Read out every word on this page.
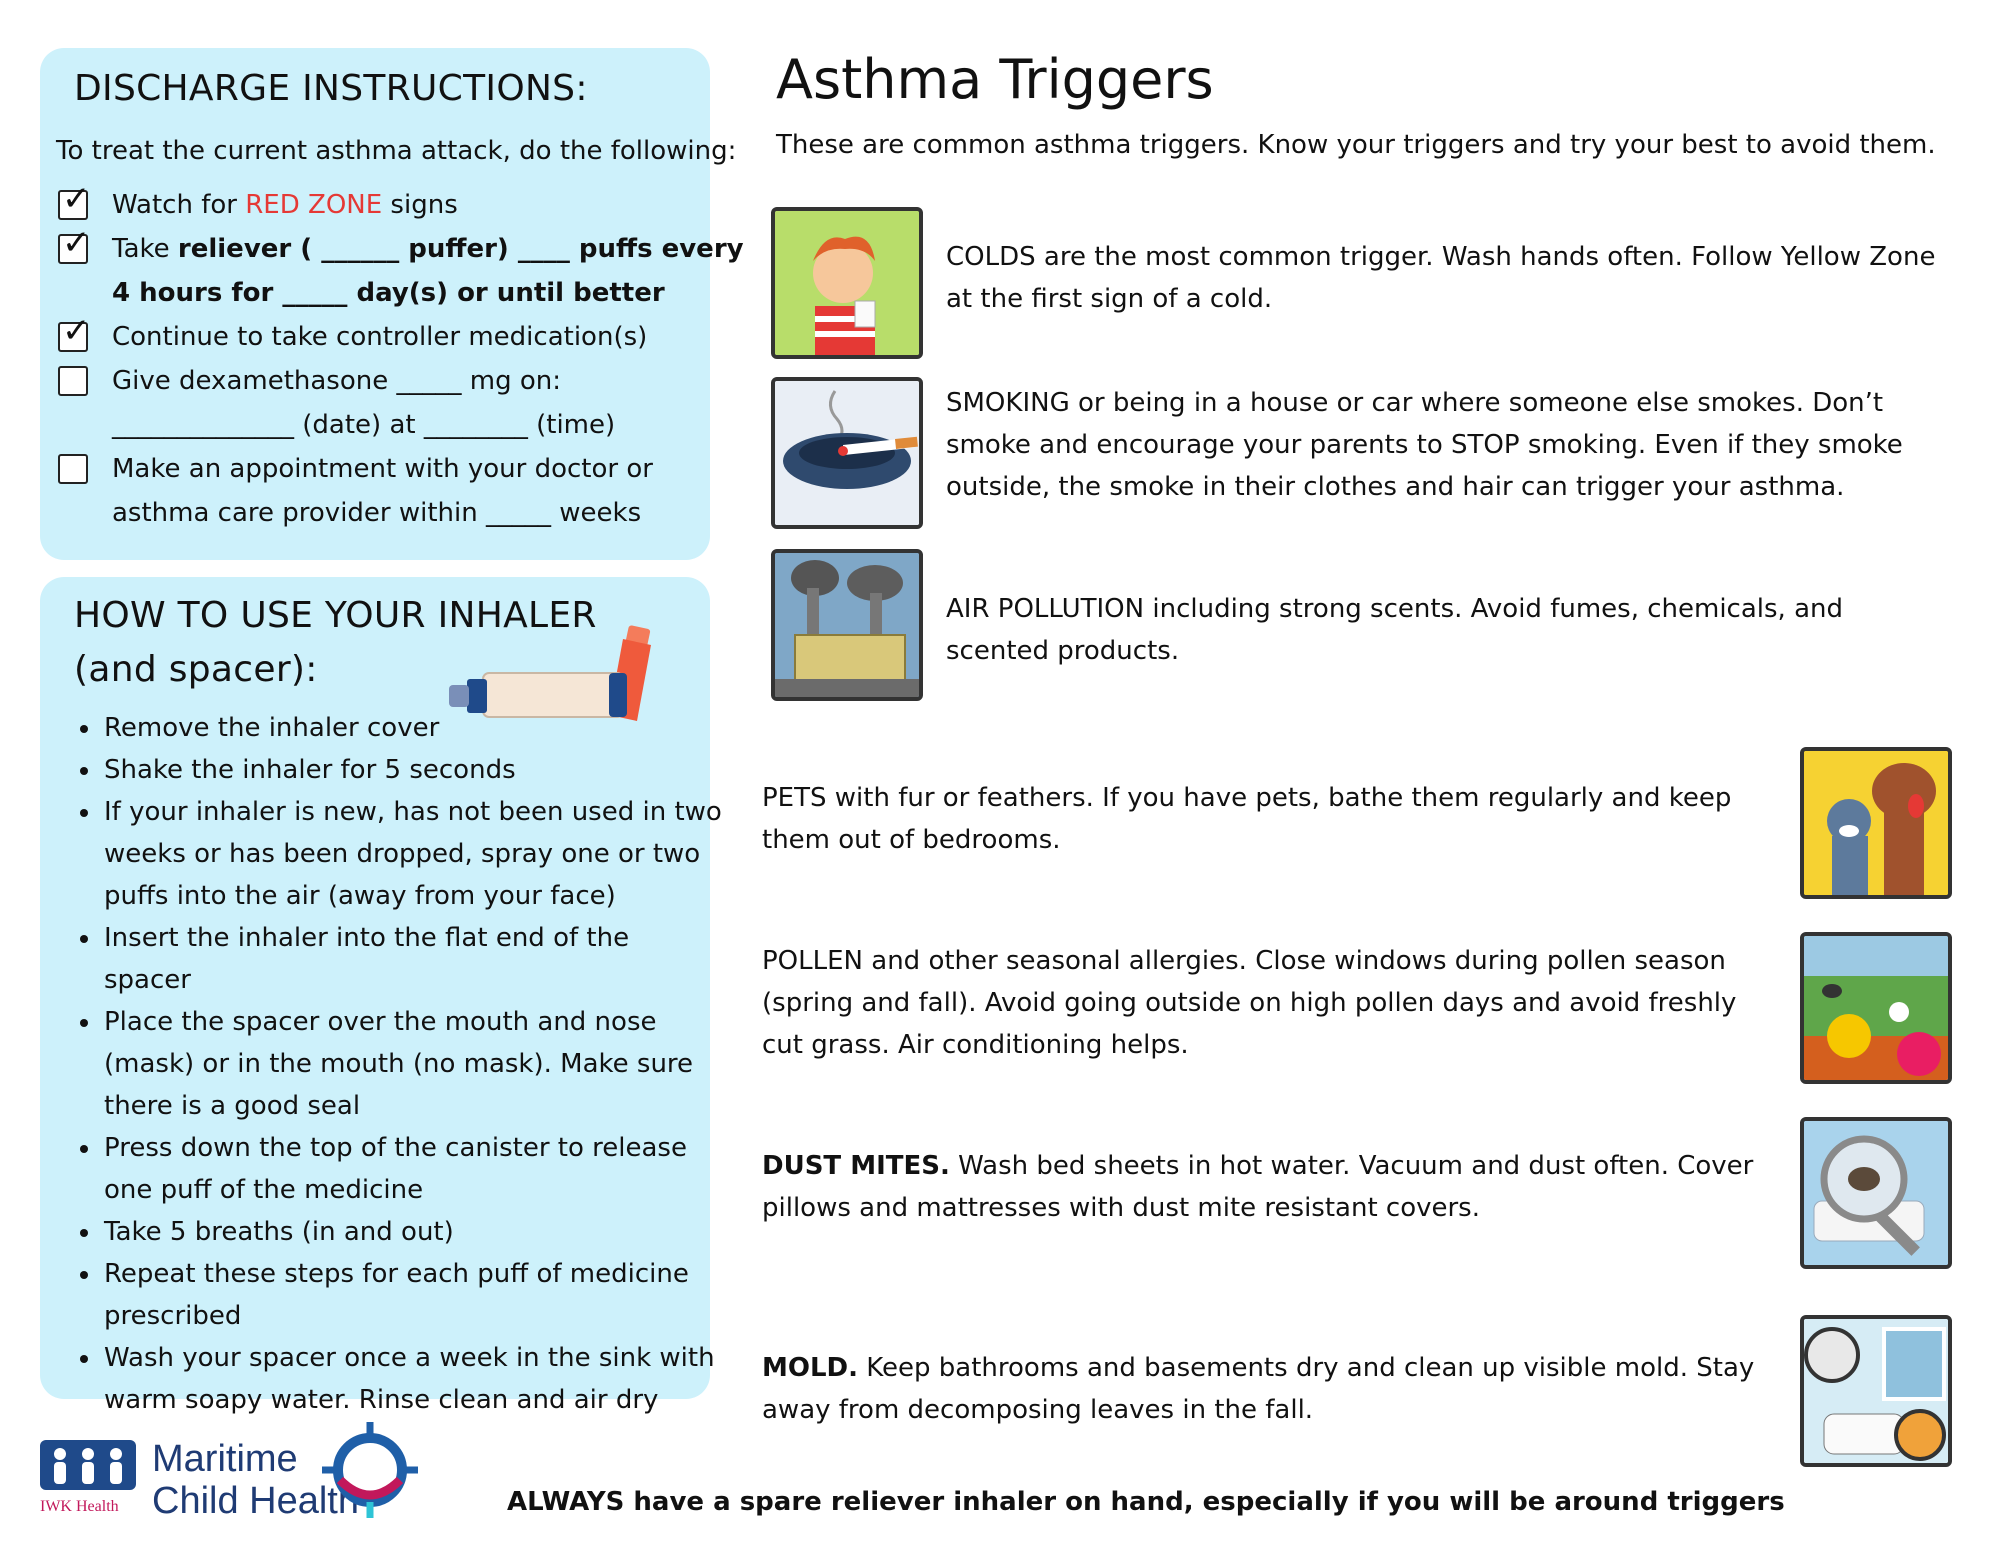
DISCHARGE INSTRUCTIONS:
To treat the current asthma attack, do the following:
✓ Watch for RED ZONE signs
✓ Take reliever ( ______ puffer) ____ puffs every
4 hours for _____ day(s) or until better
✓ Continue to take controller medication(s)
Give dexamethasone _____ mg on:
______________ (date) at ________ (time)
Make an appointment with your doctor or
asthma care provider within _____ weeks
HOW TO USE YOUR INHALER
(and spacer):
• Remove the inhaler cover
• Shake the inhaler for 5 seconds
• If your inhaler is new, has not been used in two weeks or has been dropped, spray one or two puffs into the air (away from your face)
• Insert the inhaler into the flat end of the spacer
• Place the spacer over the mouth and nose (mask) or in the mouth (no mask). Make sure there is a good seal
• Press down the top of the canister to release one puff of the medicine
• Take 5 breaths (in and out)
• Repeat these steps for each puff of medicine prescribed
• Wash your spacer once a week in the sink with warm soapy water. Rinse clean and air dry
Asthma Triggers
These are common asthma triggers. Know your triggers and try your best to avoid them.
COLDS are the most common trigger. Wash hands often. Follow Yellow Zone at the first sign of a cold.
SMOKING or being in a house or car where someone else smokes. Don’t smoke and encourage your parents to STOP smoking. Even if they smoke outside, the smoke in their clothes and hair can trigger your asthma.
AIR POLLUTION including strong scents. Avoid fumes, chemicals, and scented products.
PETS with fur or feathers. If you have pets, bathe them regularly and keep them out of bedrooms.
POLLEN and other seasonal allergies. Close windows during pollen season (spring and fall). Avoid going outside on high pollen days and avoid freshly cut grass. Air conditioning helps.
DUST MITES. Wash bed sheets in hot water. Vacuum and dust often. Cover pillows and mattresses with dust mite resistant covers.
MOLD. Keep bathrooms and basements dry and clean up visible mold. Stay away from decomposing leaves in the fall.
IWK Health
Maritime
Child Health	ALWAYS have a spare reliever inhaler on hand, especially if you will be around triggers
